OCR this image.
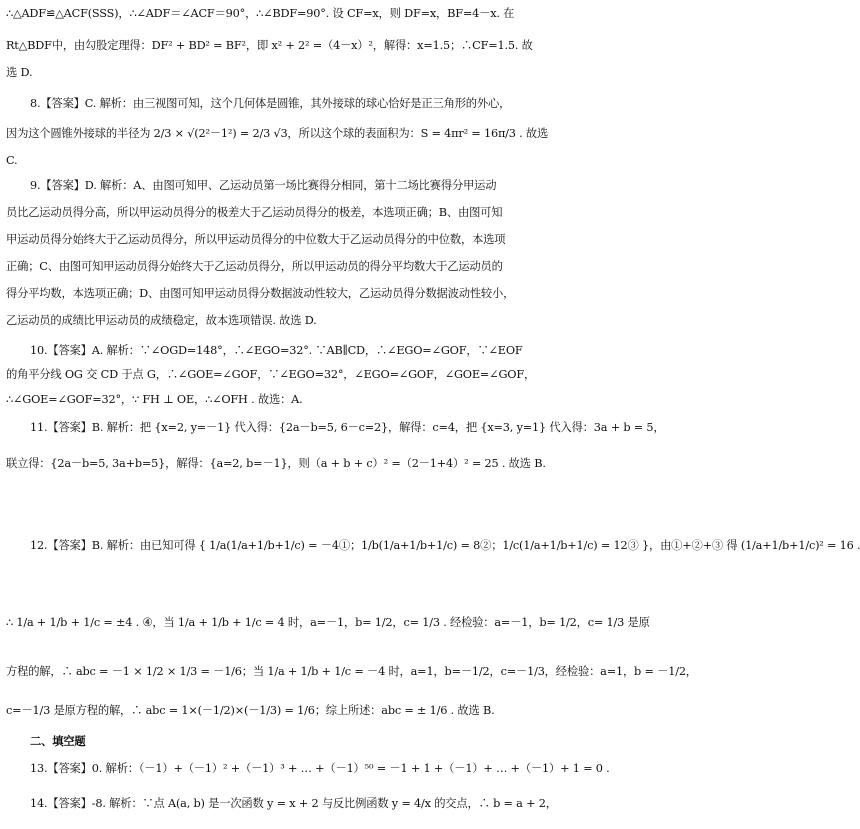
∴△ADF≌△ACF(SSS)，∴∠ADF＝∠ACF＝90°，∴∠BDF=90°. 设 CF=x，则 DF=x，BF=4－x. 在
Rt△BDF中，由勾股定理得：DF² + BD² = BF²，即 x² + 2² =（4－x）²，解得：x=1.5；∴CF=1.5. 故
选 D.
8.【答案】C. 解析：由三视图可知，这个几何体是圆锥，其外接球的球心恰好是正三角形的外心，
因为这个圆锥外接球的半径为 2/3 × √(2²－1²) = 2/3 √3，所以这个球的表面积为：S = 4πr² = 16π/3 . 故选
C.
9.【答案】D. 解析：A、由图可知甲、乙运动员第一场比赛得分相同，第十二场比赛得分甲运动
员比乙运动员得分高，所以甲运动员得分的极差大于乙运动员得分的极差，本选项正确；B、由图可知
甲运动员得分始终大于乙运动员得分，所以甲运动员得分的中位数大于乙运动员得分的中位数，本选项
正确；C、由图可知甲运动员得分始终大于乙运动员得分，所以甲运动员的得分平均数大于乙运动员的
得分平均数，本选项正确；D、由图可知甲运动员得分数据波动性较大，乙运动员得分数据波动性较小，
乙运动员的成绩比甲运动员的成绩稳定，故本选项错误. 故选 D.
10.【答案】A. 解析：∵∠OGD=148°，∴∠EGO=32°. ∵AB∥CD，∴∠EGO=∠GOF，∵∠EOF
的角平分线 OG 交 CD 于点 G，∴∠GOE=∠GOF，∵∠EGO=32°，∠EGO=∠GOF，∠GOE=∠GOF，
∴∠GOE=∠GOF=32°，∵ FH ⊥ OE，∴∠OFH . 故选：A.
11.【答案】B. 解析：把 {x=2, y=－1} 代入得：{2a－b=5, 6－c=2}，解得：c=4，把 {x=3, y=1} 代入得：3a + b = 5，
联立得：{2a－b=5, 3a+b=5}，解得：{a=2, b=－1}，则（a + b + c）² =（2－1+4）² = 25 . 故选 B.
12.【答案】B. 解析：由已知可得 { 1/a(1/a+1/b+1/c) = －4①；1/b(1/a+1/b+1/c) = 8②；1/c(1/a+1/b+1/c) = 12③ }，由①+②+③ 得 (1/a+1/b+1/c)² = 16 .
∴ 1/a + 1/b + 1/c = ±4 . ④，当 1/a + 1/b + 1/c = 4 时，a=－1，b= 1/2，c= 1/3 . 经检验：a=－1，b= 1/2，c= 1/3 是原
方程的解，∴ abc = －1 × 1/2 × 1/3 = －1/6；当 1/a + 1/b + 1/c = －4 时，a=1，b=－1/2，c=－1/3，经检验：a=1，b = －1/2，
c=－1/3 是原方程的解，∴ abc = 1×(－1/2)×(－1/3) = 1/6；综上所述：abc = ± 1/6 . 故选 B.
二、填空题
13.【答案】0. 解析：（－1）+（－1）² +（－1）³ + … +（－1）⁵⁰ = －1 + 1 +（－1）+ … +（－1）+ 1 = 0 .
14.【答案】-8. 解析：∵点 A(a, b) 是一次函数 y = x + 2 与反比例函数 y = 4/x 的交点，∴ b = a + 2，
